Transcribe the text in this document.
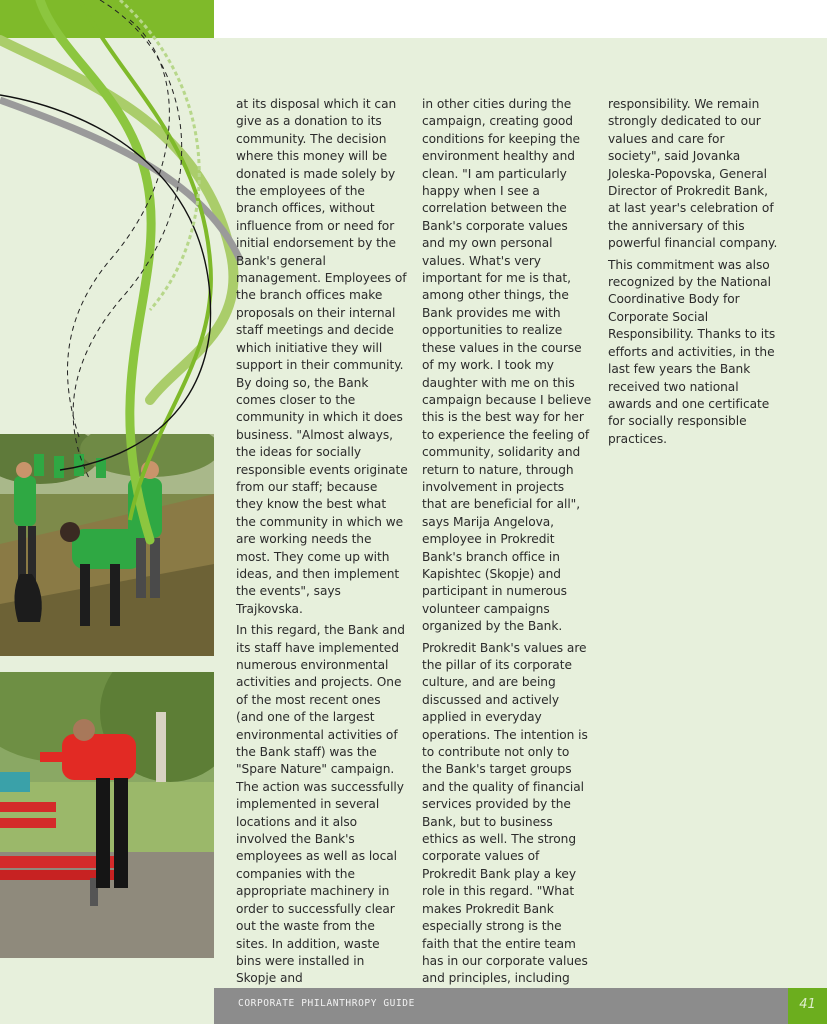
at its disposal which it can give as a donation to its community. The decision where this money will be donated is made solely by the employees of the branch offices, without influence from or need for initial endorsement by the Bank's general management. Employees of the branch offices make proposals on their internal staff meetings and decide which initiative they will support in their community. By doing so, the Bank comes closer to the community in which it does business. "Almost always, the ideas for socially responsible events originate from our staff; because they know the best what the community in which we are working needs the most. They come up with ideas, and then implement the events", says Trajkovska.

In this regard, the Bank and its staff have implemented numerous environmental activities and projects. One of the most recent ones (and one of the largest environmental activities of the Bank staff) was the "Spare Nature" campaign. The action was successfully implemented in several locations and it also involved the Bank's employees as well as local companies with the appropriate machinery in order to successfully clear out the waste from the sites. In addition, waste bins were installed in Skopje and

in other cities during the campaign, creating good conditions for keeping the environment healthy and clean. "I am particularly happy when I see a correlation between the Bank's corporate values and my own personal values. What's very important for me is that, among other things, the Bank provides me with opportunities to realize these values in the course of my work. I took my daughter with me on this campaign because I believe this is the best way for her to experience the feeling of community, solidarity and return to nature, through involvement in projects that are beneficial for all", says Marija Angelova, employee in Prokredit Bank's branch office in Kapishtec (Skopje) and participant in numerous volunteer campaigns organized by the Bank.

Prokredit Bank's values are the pillar of its corporate culture, and are being discussed and actively applied in everyday operations. The intention is to contribute not only to the Bank's target groups and the quality of financial services provided by the Bank, but to business ethics as well. The strong corporate values of Prokredit Bank play a key role in this regard. "What makes Prokredit Bank especially strong is the faith that the entire team has in our corporate values and principles, including

responsibility. We remain strongly dedicated to our values and care for society", said Jovanka Joleska-Popovska, General Director of Prokredit Bank, at last year's celebration of the anniversary of this powerful financial company.

This commitment was also recognized by the National Coordinative Body for Corporate Social Responsibility. Thanks to its efforts and activities, in the last few years the Bank received two national awards and one certificate for socially responsible practices.

CORPORATE PHILANTHROPY GUIDE	41
